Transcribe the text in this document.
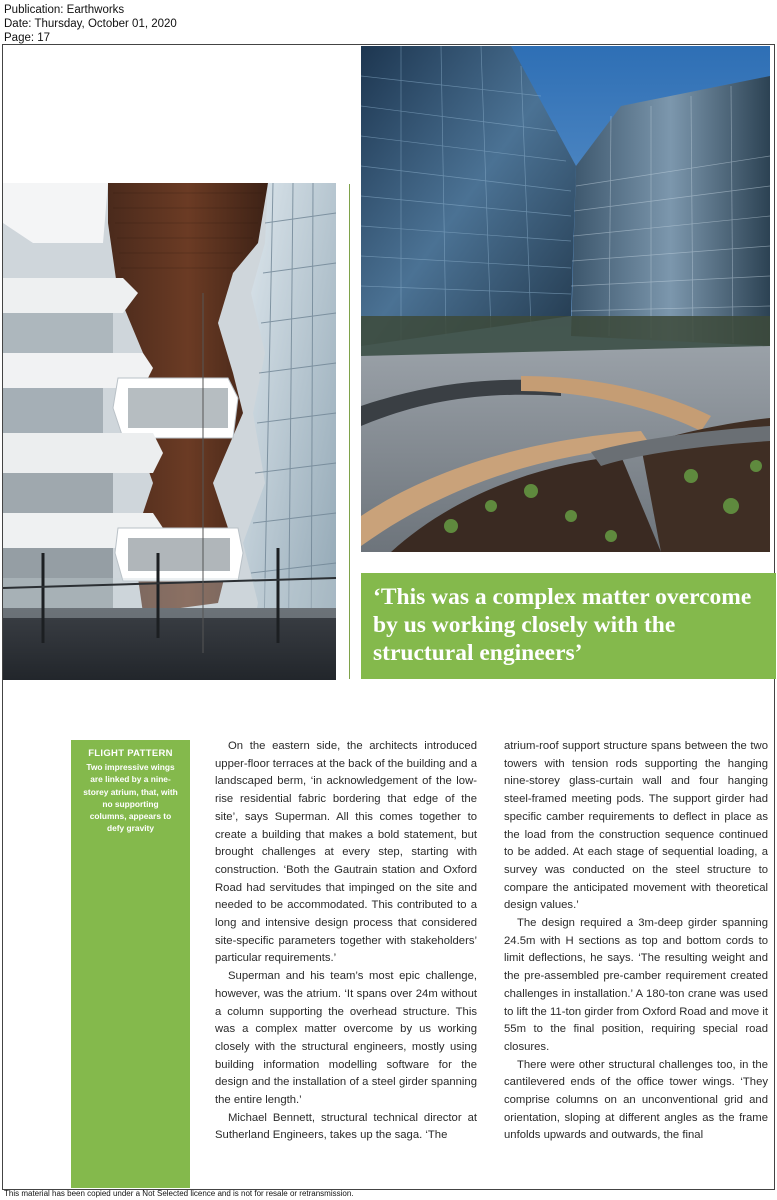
Publication: Earthworks
Date: Thursday, October 01, 2020
Page: 17
‘This was a complex matter overcome by us working closely with the structural engineers’
FLIGHT PATTERN
Two impressive wings are linked by a nine-storey atrium, that, with no supporting columns, appears to defy gravity

On the eastern side, the architects introduced upper-floor terraces at the back of the building and a landscaped berm, ‘in acknowledgement of the low-rise residential fabric bordering that edge of the site’, says Superman. All this comes together to create a building that makes a bold statement, but brought challenges at every step, starting with construction. ‘Both the Gautrain station and Oxford Road had servitudes that impinged on the site and needed to be accommodated. This contributed to a long and intensive design process that considered site-specific parameters together with stakeholders’ particular requirements.’

Superman and his team’s most epic challenge, however, was the atrium. ‘It spans over 24m without a column supporting the overhead structure. This was a complex matter overcome by us working closely with the structural engineers, mostly using building information modelling software for the design and the installation of a steel girder spanning the entire length.’

Michael Bennett, structural technical director at Sutherland Engineers, takes up the saga. ‘The

atrium-roof support structure spans between the two towers with tension rods supporting the hanging nine-storey glass-curtain wall and four hanging steel-framed meeting pods. The support girder had specific camber requirements to deflect in place as the load from the construction sequence continued to be added. At each stage of sequential loading, a survey was conducted on the steel structure to compare the anticipated movement with theoretical design values.’

The design required a 3m-deep girder spanning 24.5m with H sections as top and bottom cords to limit deflections, he says. ‘The resulting weight and the pre-assembled pre-camber requirement created challenges in installation.’ A 180-ton crane was used to lift the 11-ton girder from Oxford Road and move it 55m to the final position, requiring special road closures.

There were other structural challenges too, in the cantilevered ends of the office tower wings. ‘They comprise columns on an unconventional grid and orientation, sloping at different angles as the frame unfolds upwards and outwards, the final

This material has been copied under a Not Selected licence and is not for resale or retransmission.
